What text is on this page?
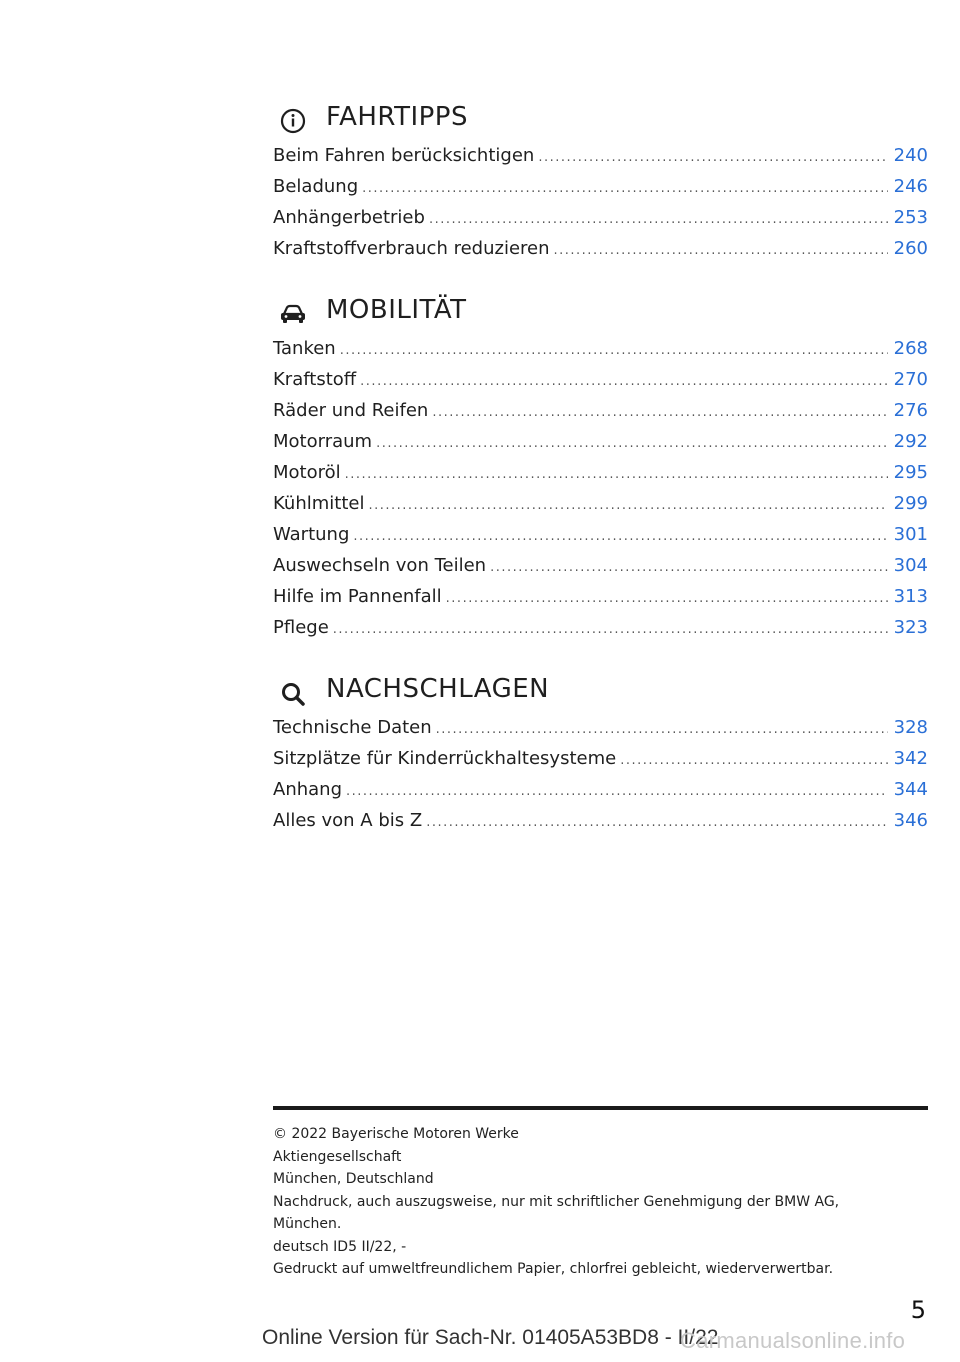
FAHRTIPPS
Beim Fahren berücksichtigen .....	240
Beladung .....	246
Anhängerbetrieb .....	253
Kraftstoffverbrauch reduzieren .....	260
MOBILITÄT
Tanken .....	268
Kraftstoff .....	270
Räder und Reifen .....	276
Motorraum .....	292
Motoröl .....	295
Kühlmittel .....	299
Wartung .....	301
Auswechseln von Teilen .....	304
Hilfe im Pannenfall .....	313
Pflege .....	323
NACHSCHLAGEN
Technische Daten .....	328
Sitzplätze für Kinderrückhaltesysteme .....	342
Anhang .....	344
Alles von A bis Z .....	346
© 2022 Bayerische Motoren Werke
Aktiengesellschaft
München, Deutschland
Nachdruck, auch auszugsweise, nur mit schriftlicher Genehmigung der BMW AG,
München.
deutsch ID5 II/22, -
Gedruckt auf umweltfreundlichem Papier, chlorfrei gebleicht, wiederverwertbar.
5
Online Version für Sach-Nr. 01405A53BD8 - II/22
Carmanualsonline.info
